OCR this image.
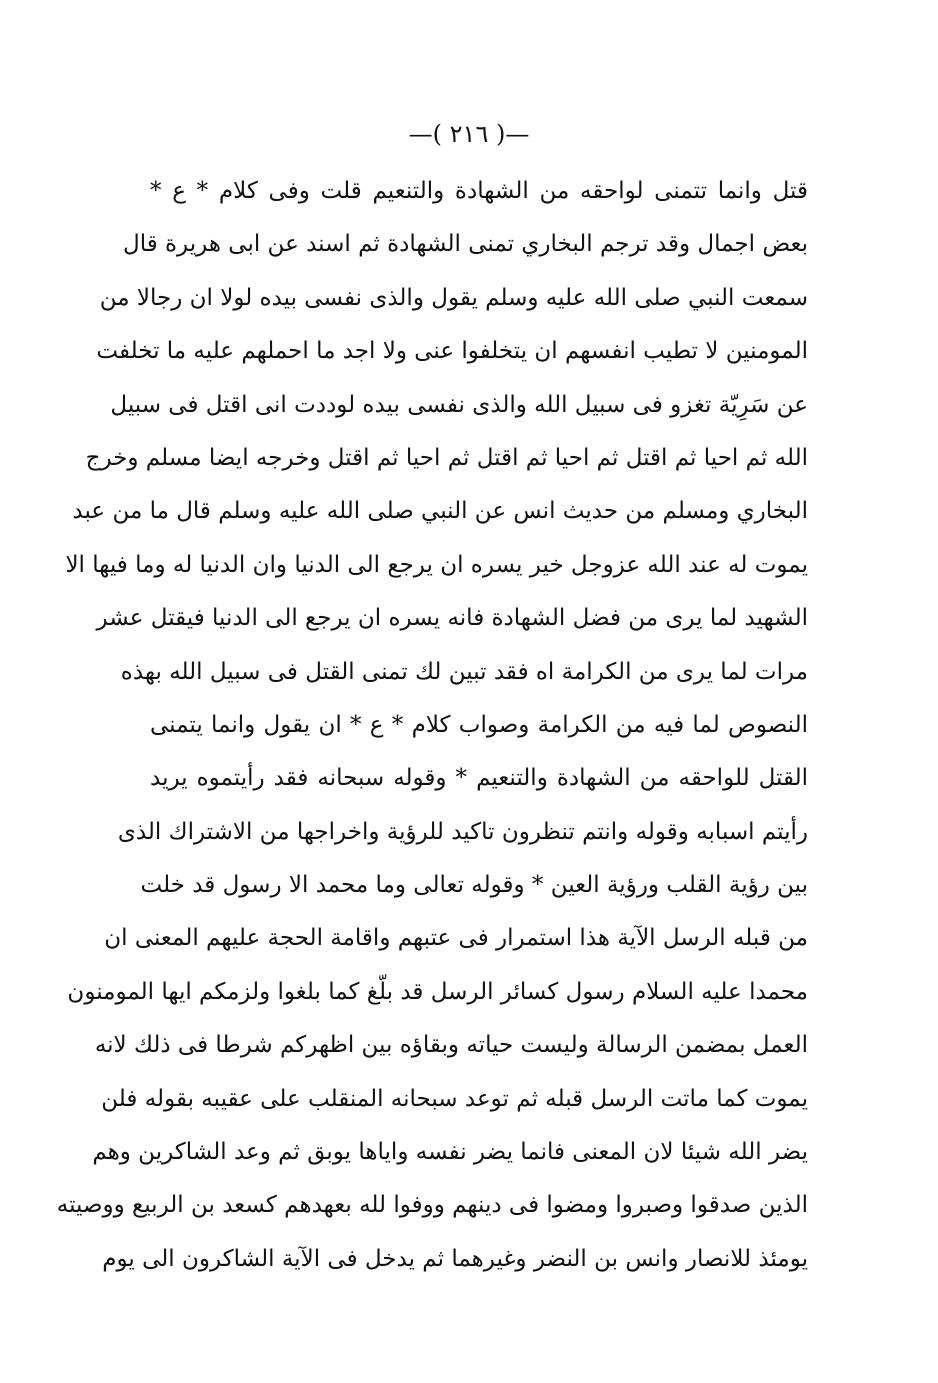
—( ٢١٦ )—
قتل وانما تتمنى لواحقه من الشهادة والتنعيم قلت وفى كلام * ع *
بعض اجمال وقد ترجم البخاري تمنى الشهادة ثم اسند عن ابى هريرة قال
سمعت النبي صلى الله عليه وسلم يقول والذى نفسى بيده لولا ان رجالا من
المومنين لا تطيب انفسهم ان يتخلفوا عنى ولا اجد ما احملهم عليه ما تخلفت
عن سَرِيّة تغزو فى سبيل الله والذى نفسى بيده لوددت انى اقتل فى سبيل
الله ثم احيا ثم اقتل ثم احيا ثم اقتل ثم احيا ثم اقتل وخرجه ايضا مسلم وخرج
البخاري ومسلم من حديث انس عن النبي صلى الله عليه وسلم قال ما من عبد
يموت له عند الله عزوجل خير يسره ان يرجع الى الدنيا وان الدنيا له وما فيها الا
الشهيد لما يرى من فضل الشهادة فانه يسره ان يرجع الى الدنيا فيقتل عشر
مرات لما يرى من الكرامة اه فقد تبين لك تمنى القتل فى سبيل الله بهذه
النصوص لما فيه من الكرامة وصواب كلام * ع * ان يقول وانما يتمنى
القتل للواحقه من الشهادة والتنعيم * وقوله سبحانه فقد رأيتموه يريد
رأيتم اسبابه وقوله وانتم تنظرون تاكيد للرؤية واخراجها من الاشتراك الذى
بين رؤية القلب ورؤية العين * وقوله تعالى وما محمد الا رسول قد خلت
من قبله الرسل الآية هذا استمرار فى عتبهم واقامة الحجة عليهم المعنى ان
محمدا عليه السلام رسول كسائر الرسل قد بلّغ كما بلغوا ولزمكم ايها المومنون
العمل بمضمن الرسالة وليست حياته وبقاؤه بين اظهركم شرطا فى ذلك لانه
يموت كما ماتت الرسل قبله ثم توعد سبحانه المنقلب على عقيبه بقوله فلن
يضر الله شيئا لان المعنى فانما يضر نفسه واياها يوبق ثم وعد الشاكرين وهم
الذين صدقوا وصبروا ومضوا فى دينهم ووفوا لله بعهدهم كسعد بن الربيع ووصيته
يومئذ للانصار وانس بن النضر وغيرهما ثم يدخل فى الآية الشاكرون الى يوم
